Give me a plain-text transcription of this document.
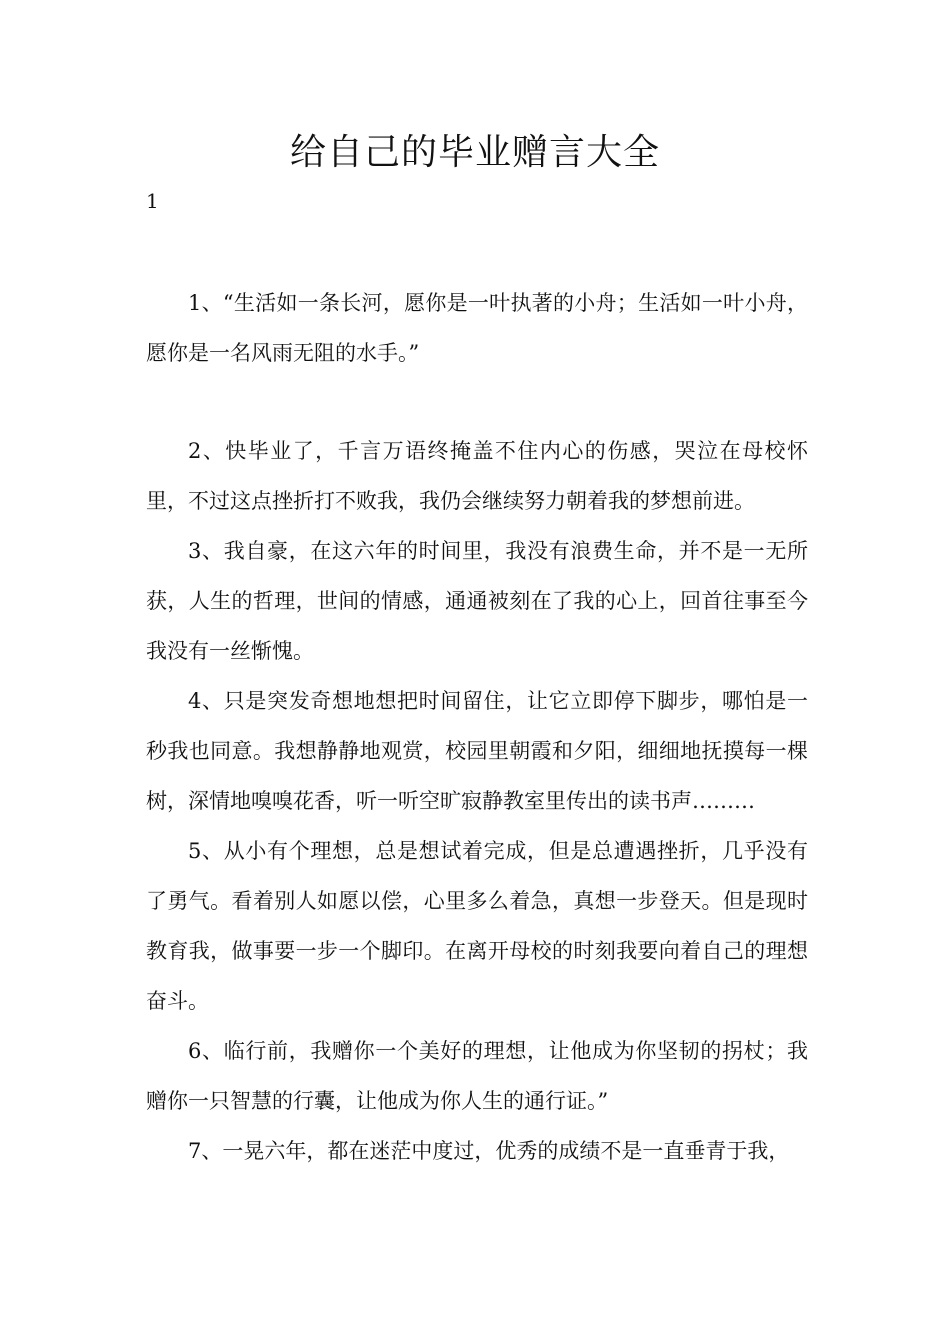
给自己的毕业赠言大全
1

1、“生活如一条长河，愿你是一叶执著的小舟；生活如一叶小舟，愿你是一名风雨无阻的水手。”

2、快毕业了，千言万语终掩盖不住内心的伤感，哭泣在母校怀里，不过这点挫折打不败我，我仍会继续努力朝着我的梦想前进。

3、我自豪，在这六年的时间里，我没有浪费生命，并不是一无所获，人生的哲理，世间的情感，通通被刻在了我的心上，回首往事至今我没有一丝惭愧。

4、只是突发奇想地想把时间留住，让它立即停下脚步，哪怕是一秒我也同意。我想静静地观赏，校园里朝霞和夕阳，细细地抚摸每一棵树，深情地嗅嗅花香，听一听空旷寂静教室里传出的读书声………

5、从小有个理想，总是想试着完成，但是总遭遇挫折，几乎没有了勇气。看着别人如愿以偿，心里多么着急，真想一步登天。但是现时教育我，做事要一步一个脚印。在离开母校的时刻我要向着自己的理想奋斗。

6、临行前，我赠你一个美好的理想，让他成为你坚韧的拐杖；我赠你一只智慧的行囊，让他成为你人生的通行证。”

7、一晃六年，都在迷茫中度过，优秀的成绩不是一直垂青于我，
